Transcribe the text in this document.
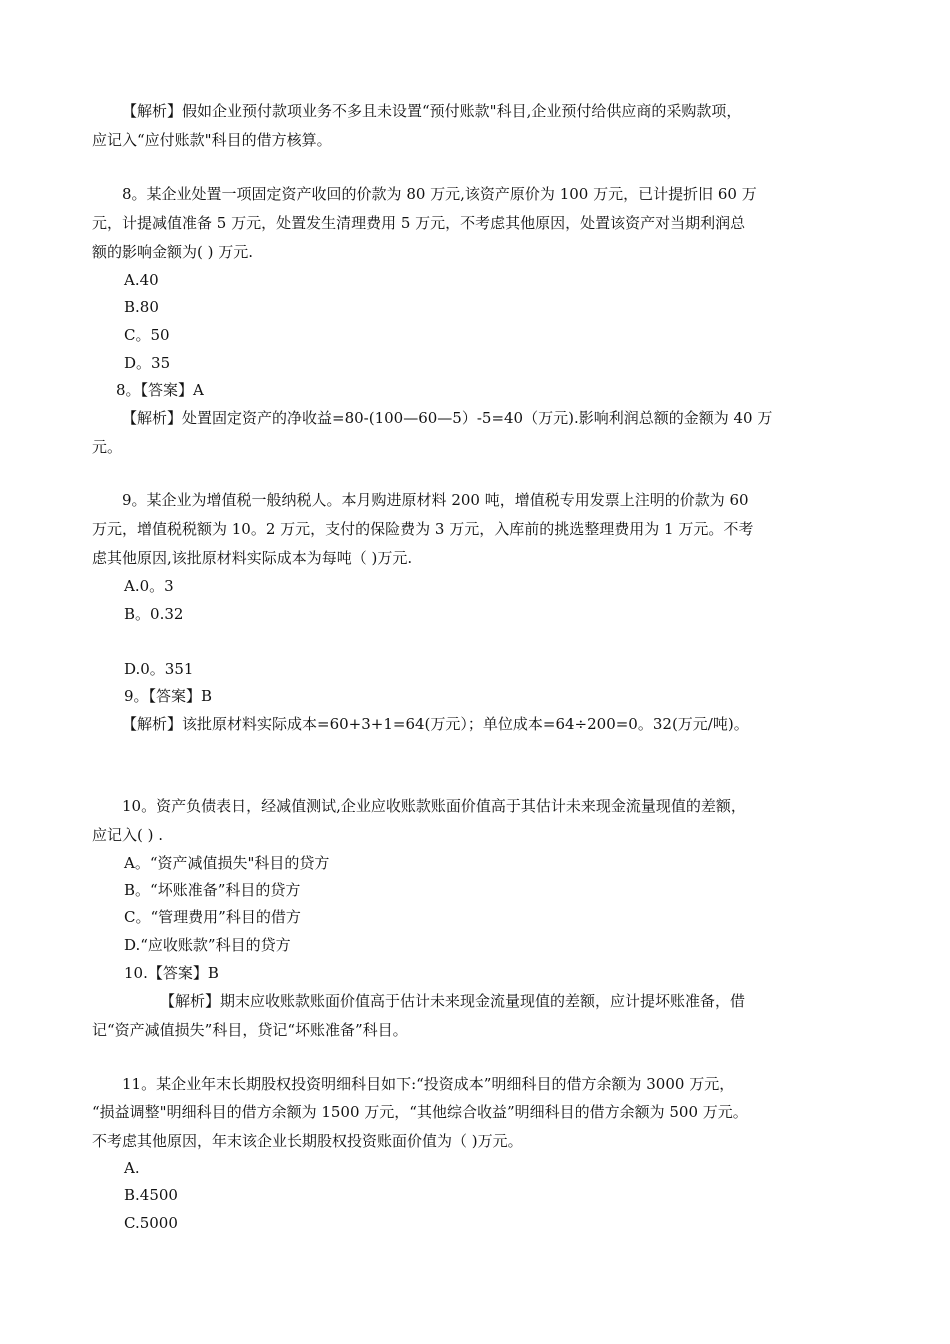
【解析】假如企业预付款项业务不多且未设置“预付账款"科目,企业预付给供应商的采购款项，
应记入“应付账款"科目的借方核算。
8。某企业处置一项固定资产收回的价款为 80 万元,该资产原价为 100 万元，已计提折旧 60 万
元，计提减值准备 5 万元，处置发生清理费用 5 万元，不考虑其他原因，处置该资产对当期利润总
额的影响金额为( ) 万元.
A.40
B.80
C。50
D。35
8。【答案】A
【解析】处置固定资产的净收益=80-(100—60—5）-5=40（万元).影响利润总额的金额为 40 万
元。
9。某企业为增值税一般纳税人。本月购进原材料 200 吨，增值税专用发票上注明的价款为 60
万元，增值税税额为 10。2 万元，支付的保险费为 3 万元，入库前的挑选整理费用为 1 万元。不考
虑其他原因,该批原材料实际成本为每吨（ )万元.
A.0。3
B。0.32
D.0。351
9。【答案】B
【解析】该批原材料实际成本=60+3+1=64(万元）；单位成本=64÷200=0。32(万元/吨)。
10。资产负债表日，经减值测试,企业应收账款账面价值高于其估计未来现金流量现值的差额，
应记入( ) .
A。“资产减值损失"科目的贷方
B。“坏账准备”科目的贷方
C。“管理费用”科目的借方
D.“应收账款”科目的贷方
10.【答案】B
【解析】期末应收账款账面价值高于估计未来现金流量现值的差额，应计提坏账准备，借
记“资产减值损失”科目，贷记“坏账准备”科目。
11。某企业年末长期股权投资明细科目如下:“投资成本”明细科目的借方余额为 3000 万元，
“损益调整"明细科目的借方余额为 1500 万元，“其他综合收益”明细科目的借方余额为 500 万元。
不考虑其他原因，年末该企业长期股权投资账面价值为（ )万元。
A.
B.4500
C.5000
